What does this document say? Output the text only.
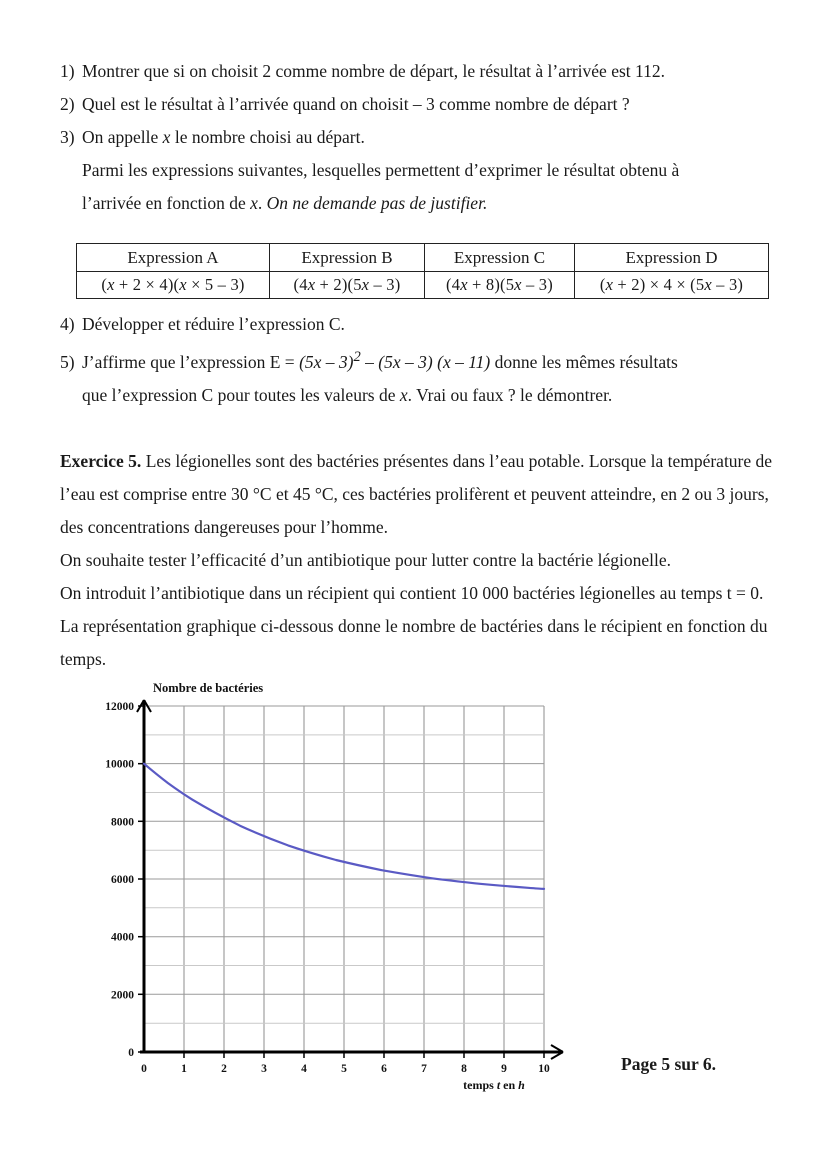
1) Montrer que si on choisit 2 comme nombre de départ, le résultat à l’arrivée est 112.
2) Quel est le résultat à l’arrivée quand on choisit – 3 comme nombre de départ ?
3) On appelle x le nombre choisi au départ.
Parmi les expressions suivantes, lesquelles permettent d’exprimer le résultat obtenu à
l’arrivée en fonction de x. On ne demande pas de justifier.
Expression A	Expression B	Expression C	Expression D
(x + 2 × 4)(x × 5 – 3)	(4x + 2)(5x – 3)	(4x + 8)(5x – 3)	(x + 2) × 4 × (5x – 3)
4) Développer et réduire l’expression C.
5) J’affirme que l’expression E = (5x – 3)$^2$ – (5x – 3) (x – 11) donne les mêmes résultats
que l’expression C pour toutes les valeurs de x. Vrai ou faux ? le démontrer.

Exercice 5. Les légionelles sont des bactéries présentes dans l’eau potable. Lorsque la température de l’eau est comprise entre 30 °C et 45 °C, ces bactéries prolifèrent et peuvent atteindre, en 2 ou 3 jours, des concentrations dangereuses pour l’homme.

On souhaite tester l’efficacité d’un antibiotique pour lutter contre la bactérie légionelle.

On introduit l’antibiotique dans un récipient qui contient 10 000 bactéries légionelles au temps t = 0. La représentation graphique ci-dessous donne le nombre de bactéries dans le récipient en fonction du temps.

12000
10000
8000
6000
4000
2000
0
0	1	2	3	4	5	6	7	8	9	10
Nombre de bactéries
temps t en h
Page 5 sur 6.
